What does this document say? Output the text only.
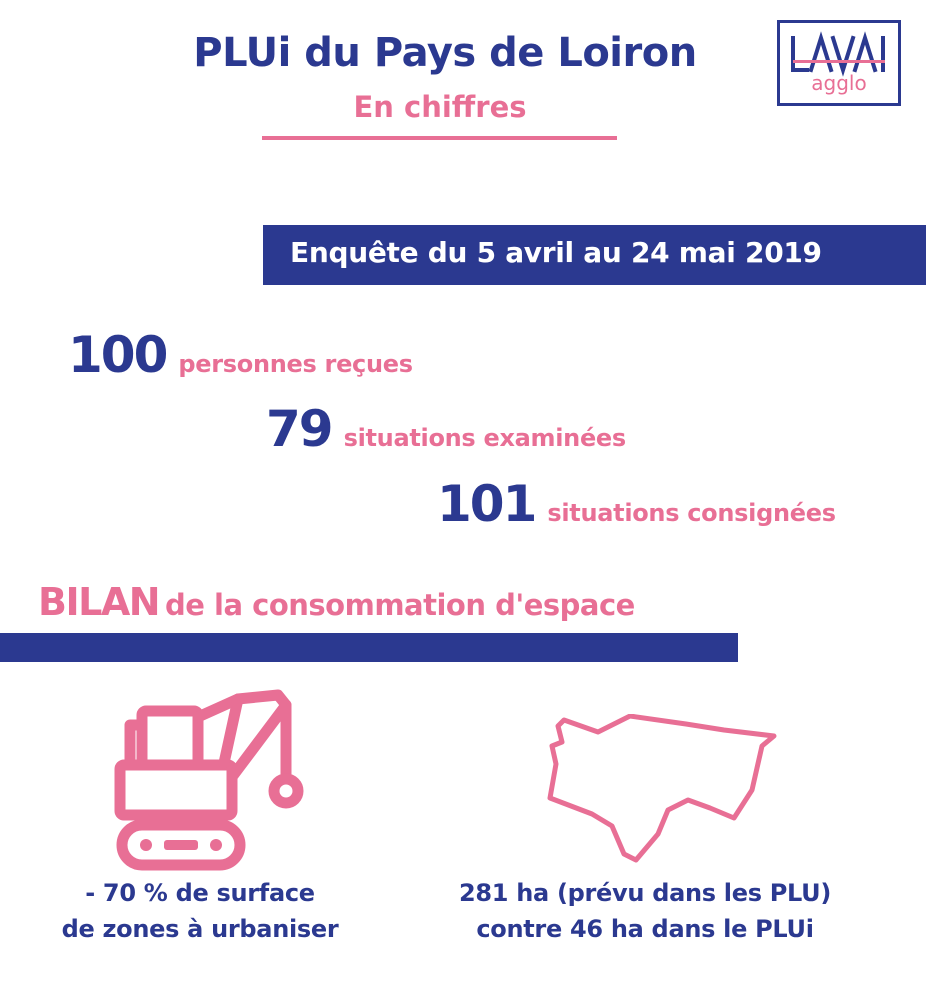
PLUi du Pays de Loiron
En chiffres
agglo
Enquête du 5 avril au 24 mai 2019
100 personnes reçues
79 situations examinées
101 situations consignées
BILAN de la consommation d'espace
- 70 % de surface
de zones à urbaniser
281 ha (prévu dans les PLU)
contre 46 ha dans le PLUi
